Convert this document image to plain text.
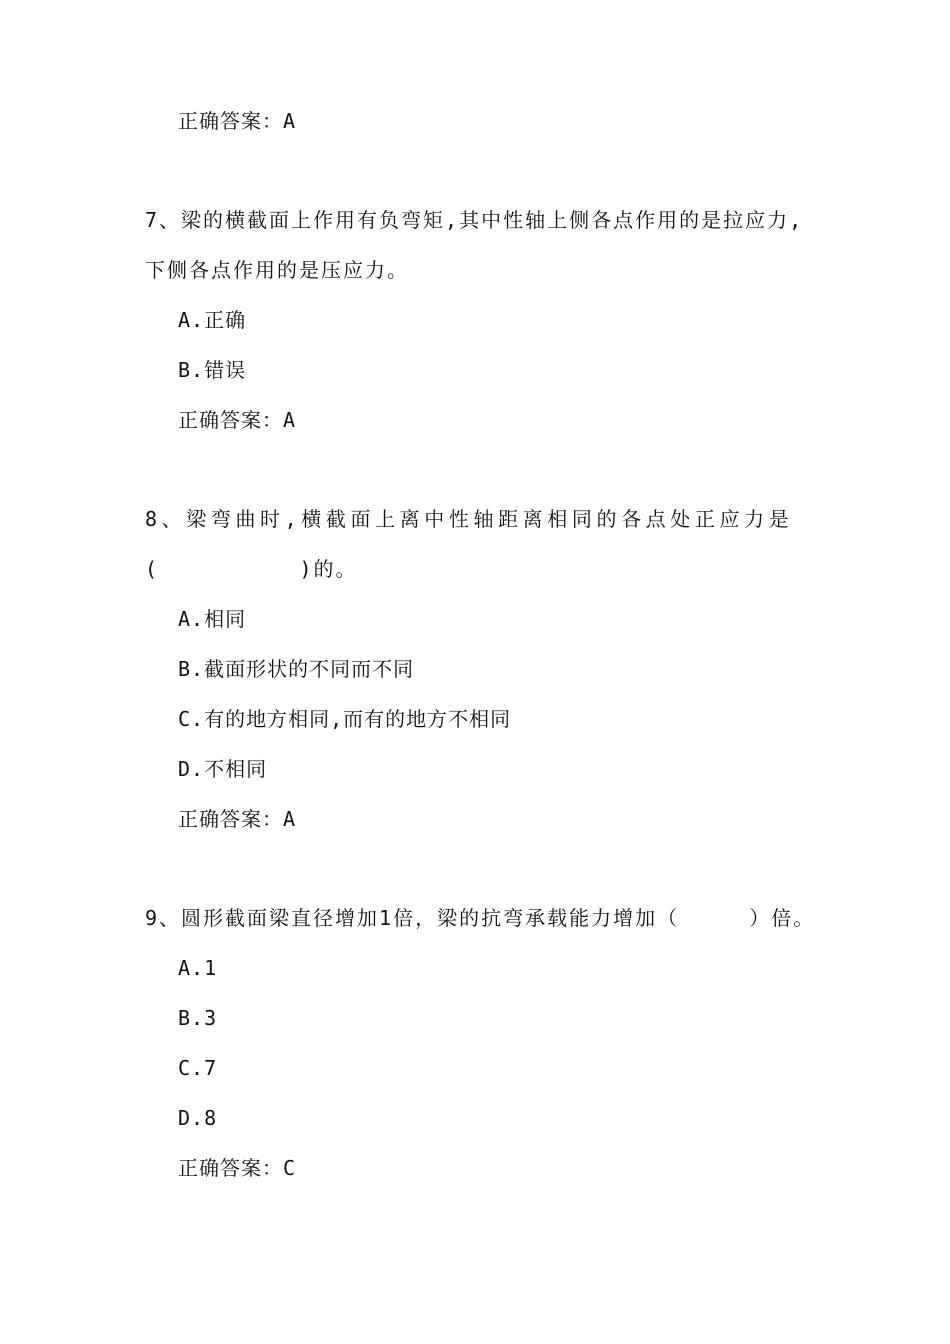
正确答案：A
7、梁的横截面上作用有负弯矩,其中性轴上侧各点作用的是拉应力,
下侧各点作用的是压应力。
A.正确
B.错误
正确答案：A
8、梁弯曲时,横截面上离中性轴距离相同的各点处正应力是
(          )的。
A.相同
B.截面形状的不同而不同
C.有的地方相同,而有的地方不相同
D.不相同
正确答案：A
9、圆形截面梁直径增加1倍，梁的抗弯承载能力增加（     ）倍。
A.1
B.3
C.7
D.8
正确答案：C
